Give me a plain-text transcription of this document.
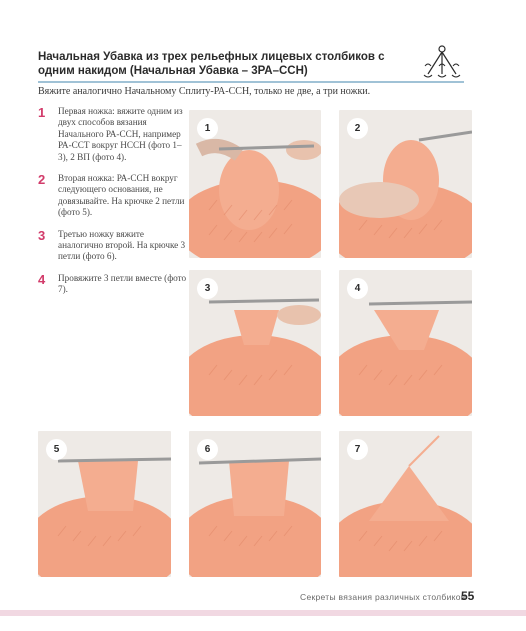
Начальная Убавка из трех рельефных лицевых столбиков с одним накидом (Начальная Убавка – 3РА–ССН)

Вяжите аналогично Начальному Сплиту-РА-ССН, только не две, а три ножки.
1	Первая ножка: вяжите одним из двух способов вязания Начального РА-ССН, например РА-ССТ вокруг НССН (фото 1–3), 2 ВП (фото 4).
2	Вторая ножка: РА-ССН вокруг следующего основания, не довязывайте. На крючке 2 петли (фото 5).
3	Третью ножку вяжите аналогично второй. На крючке 3 петли (фото 6).
4	Провяжите 3 петли вместе (фото 7).
1	2
3	4
5	6	7
Секреты вязания различных столбиков
55
